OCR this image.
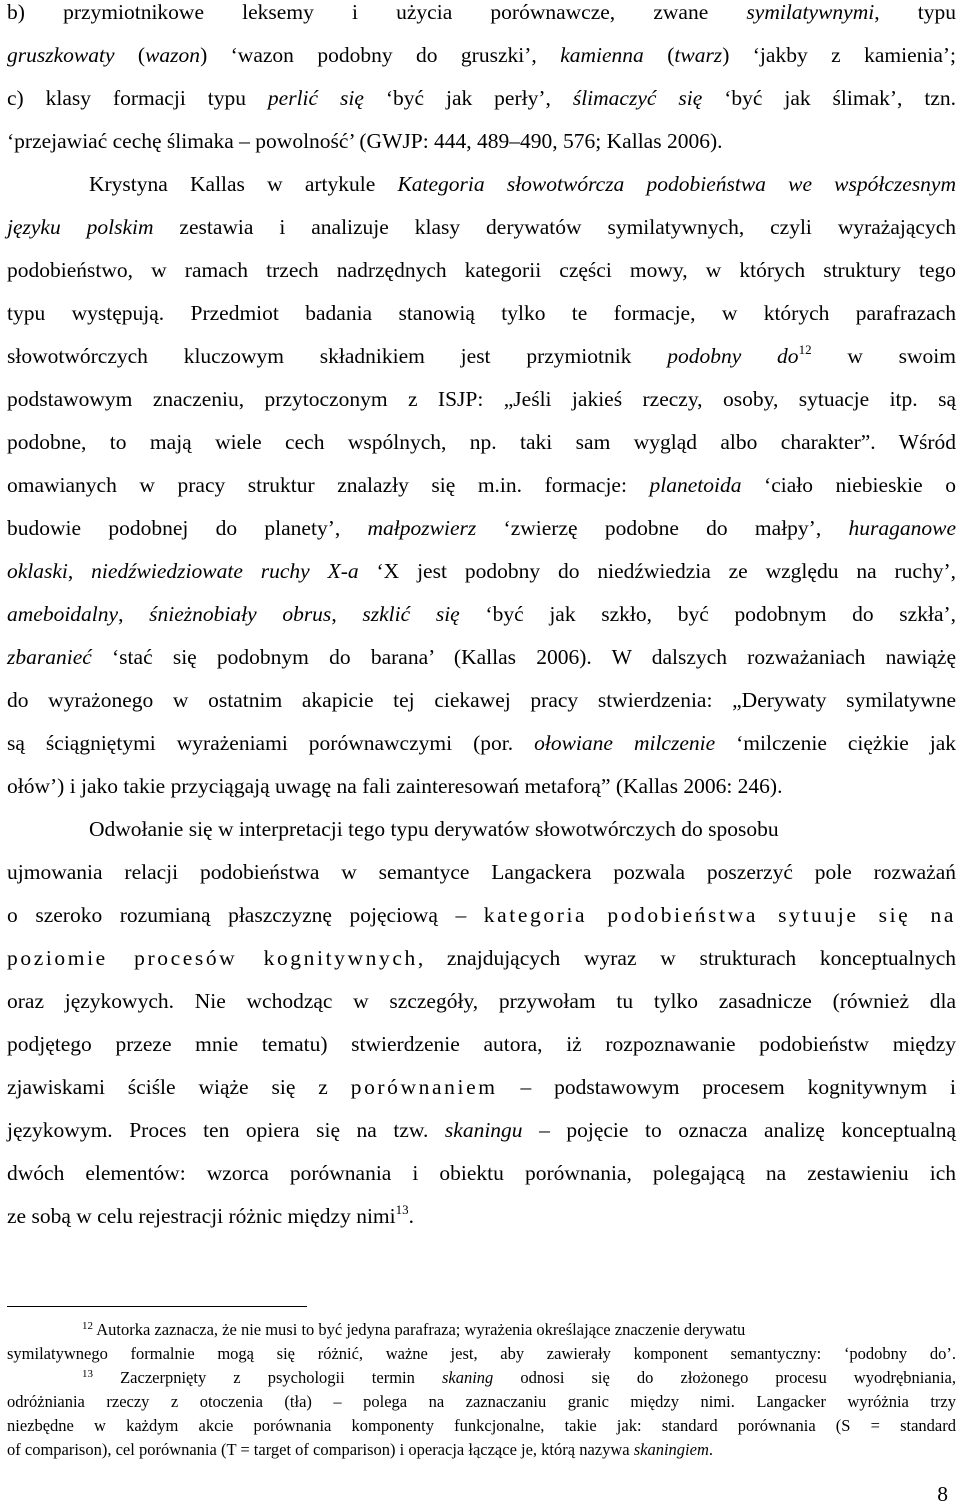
b) przymiotnikowe leksemy i użycia porównawcze, zwane symilatywnymi, typu
gruszkowaty (wazon) ‘wazon podobny do gruszki’, kamienna (twarz) ‘jakby z kamienia’;
c) klasy formacji typu perlić się ‘być jak perły’, ślimaczyć się ‘być jak ślimak’, tzn.
‘przejawiać cechę ślimaka – powolność’ (GWJP: 444, 489–490, 576; Kallas 2006).
Krystyna Kallas w artykule Kategoria słowotwórcza podobieństwa we współczesnym
języku polskim zestawia i analizuje klasy derywatów symilatywnych, czyli wyrażających
podobieństwo, w ramach trzech nadrzędnych kategorii części mowy, w których struktury tego
typu występują. Przedmiot badania stanowią tylko te formacje, w których parafrazach
słowotwórczych kluczowym składnikiem jest przymiotnik podobny $do^{12}$ w swoim
podstawowym znaczeniu, przytoczonym z ISJP: „Jeśli jakieś rzeczy, osoby, sytuacje itp. są
podobne, to mają wiele cech wspólnych, np. taki sam wygląd albo charakter”. Wśród
omawianych w pracy struktur znalazły się m.in. formacje: planetoida ‘ciało niebieskie o
budowie podobnej do planety’, małpozwierz ‘zwierzę podobne do małpy’, huraganowe
oklaski, niedźwiedziowate ruchy X-a ‘X jest podobny do niedźwiedzia ze względu na ruchy’,
ameboidalny, śnieżnobiały obrus, szklić się ‘być jak szkło, być podobnym do szkła’,
zbaranieć ‘stać się podobnym do barana’ (Kallas 2006). W dalszych rozważaniach nawiążę
do wyrażonego w ostatnim akapicie tej ciekawej pracy stwierdzenia: „Derywaty symilatywne
są ściągniętymi wyrażeniami porównawczymi (por. ołowiane milczenie ‘milczenie ciężkie jak
ołów’) i jako takie przyciągają uwagę na fali zainteresowań metaforą” (Kallas 2006: 246).
Odwołanie się w interpretacji tego typu derywatów słowotwórczych do sposobu
ujmowania relacji podobieństwa w semantyce Langackera pozwala poszerzyć pole rozważań
o szeroko rozumianą płaszczyznę pojęciową – kategoria podobieństwa sytuuje się na
poziomie procesów kognitywnych, znajdujących wyraz w strukturach konceptualnych
oraz językowych. Nie wchodząc w szczegóły, przywołam tu tylko zasadnicze (również dla
podjętego przeze mnie tematu) stwierdzenie autora, iż rozpoznawanie podobieństw między
zjawiskami ściśle wiąże się z porównaniem – podstawowym procesem kognitywnym i
językowym. Proces ten opiera się na tzw. skaningu – pojęcie to oznacza analizę konceptualną
dwóch elementów: wzorca porównania i obiektu porównania, polegającą na zestawieniu ich
ze sobą w celu rejestracji różnic między nimi$^{13}$.
$^{12}$ Autorka zaznacza, że nie musi to być jedyna parafraza; wyrażenia określające znaczenie derywatu
symilatywnego formalnie mogą się różnić, ważne jest, aby zawierały komponent semantyczny: ‘podobny do’.
$^{13}$ Zaczerpnięty z psychologii termin skaning odnosi się do złożonego procesu wyodrębniania,
odróżniania rzeczy z otoczenia (tła) – polega na zaznaczaniu granic między nimi. Langacker wyróżnia trzy
niezbędne w każdym akcie porównania komponenty funkcjonalne, takie jak: standard porównania (S = standard
of comparison), cel porównania (T = target of comparison) i operacja łączące je, którą nazywa skaningiem.
8
